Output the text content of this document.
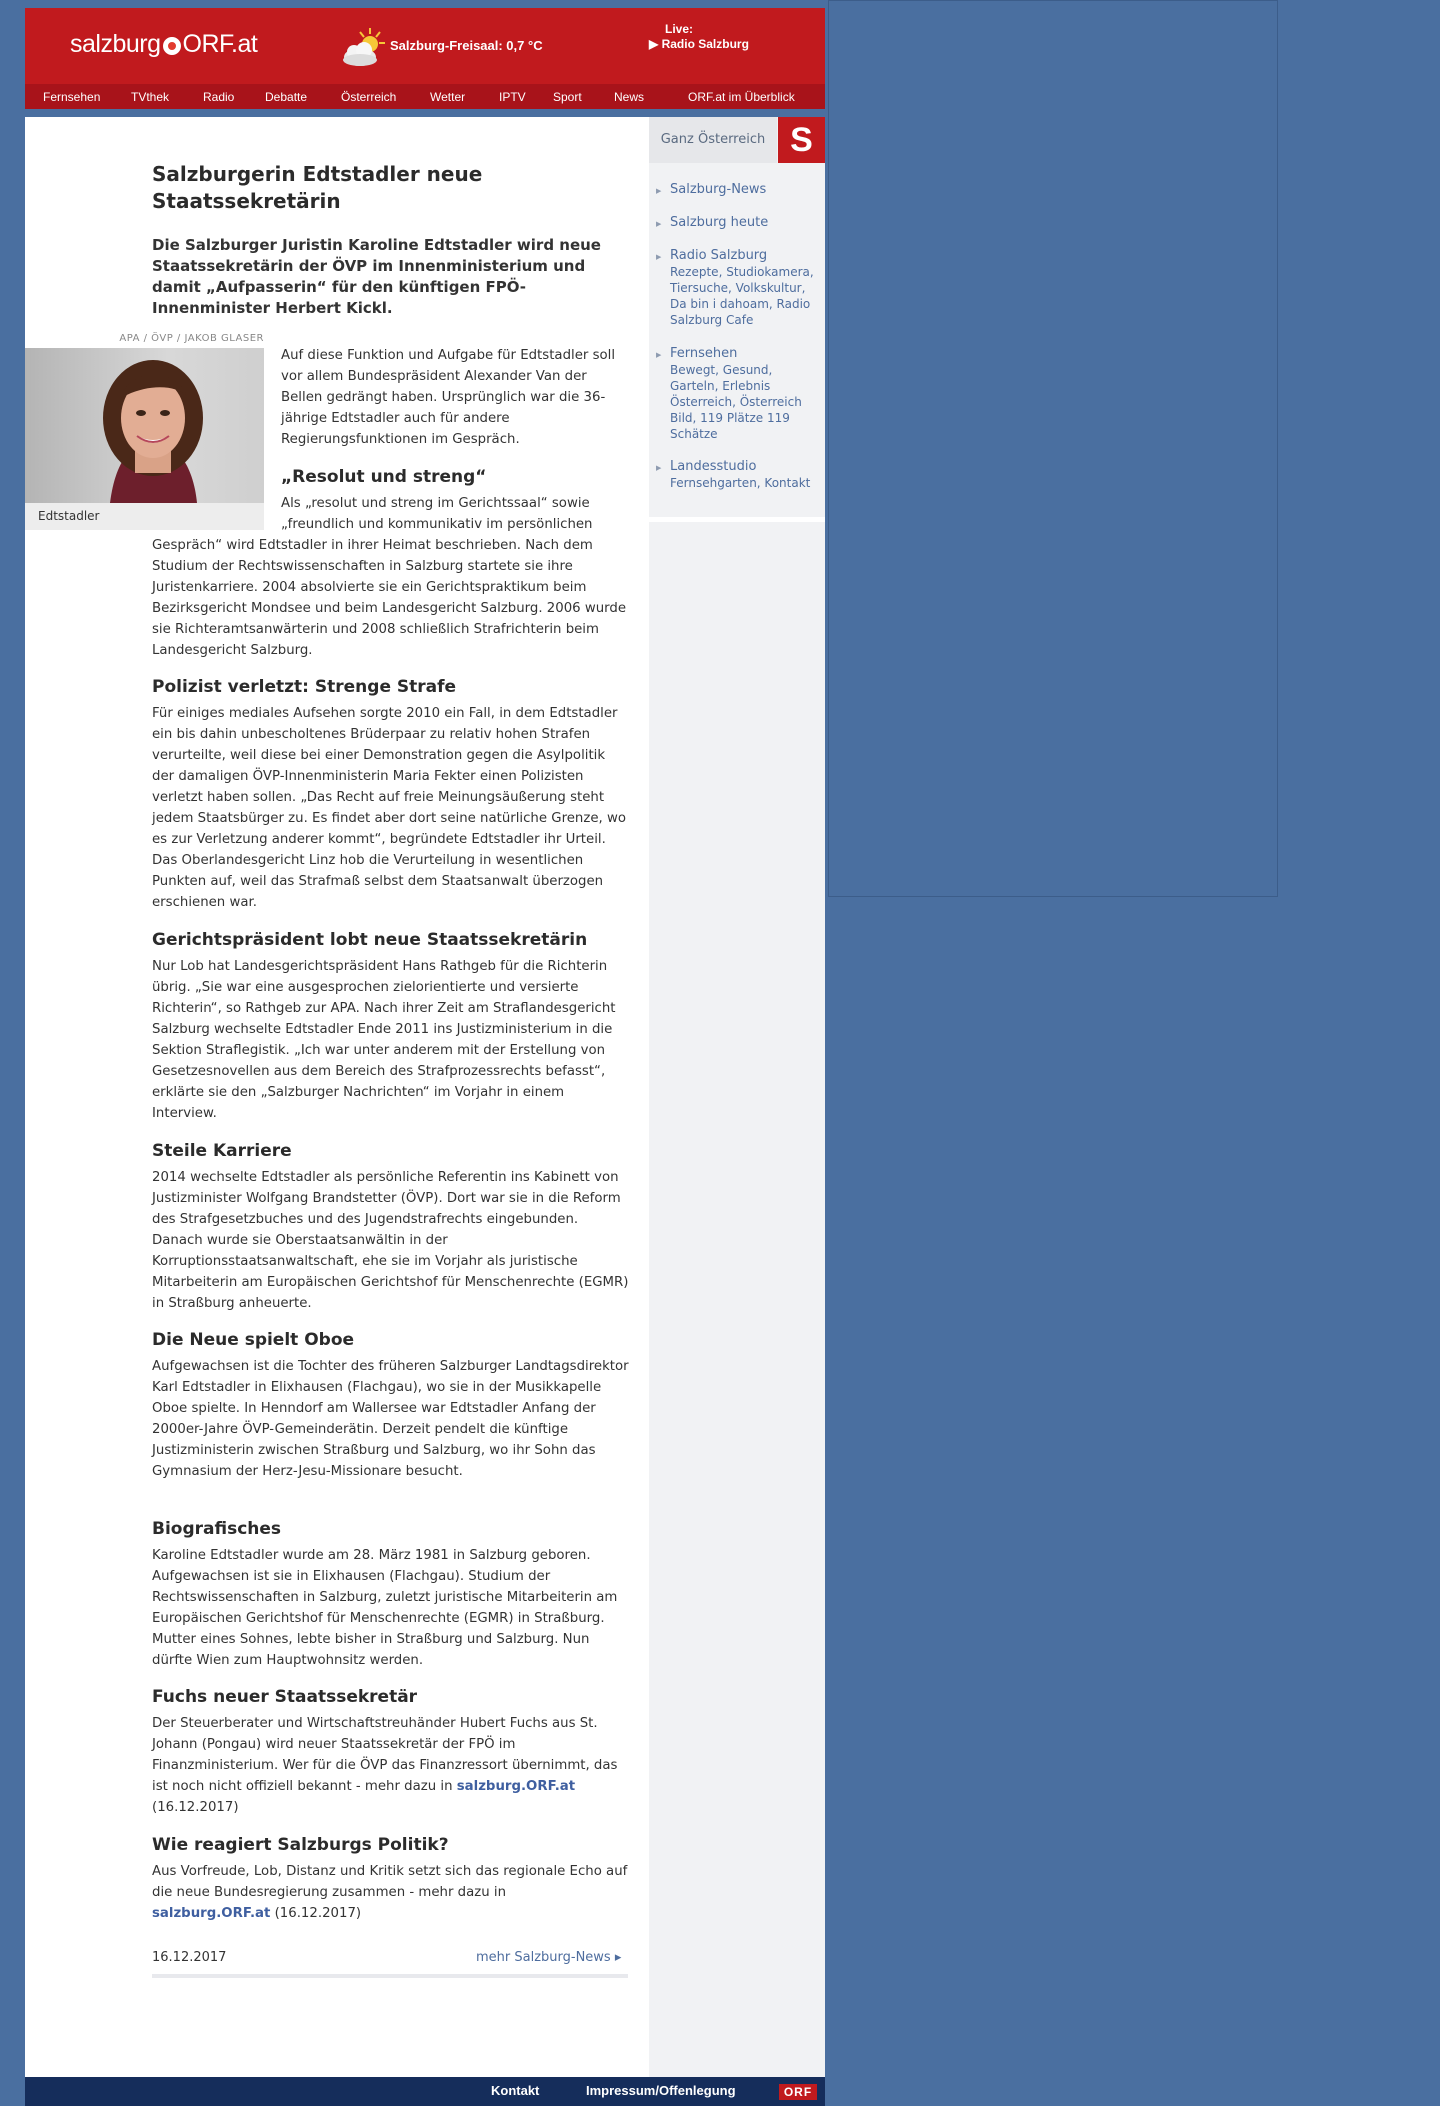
salzburg ORF.at	Salzburg-Freisaal: 0,7 °C
Live:
▶ Radio Salzburg
Fernsehen	TVthek	Radio	Debatte	Österreich	Wetter	IPTV Sport	News	ORF.at im Überblick
Salzburgerin Edtstadler neue Staatssekretärin
Die Salzburger Juristin Karoline Edtstadler wird neue Staatssekretärin der ÖVP im Innenministerium und damit „Aufpasserin“ für den künftigen FPÖ-Innenminister Herbert Kickl.
APA / ÖVP / JAKOB GLASER
Edtstadler
Auf diese Funktion und Aufgabe für Edtstadler soll vor allem Bundespräsident Alexander Van der Bellen gedrängt haben. Ursprünglich war die 36-jährige Edtstadler auch für andere Regierungsfunktionen im Gespräch.
„Resolut und streng“
Als „resolut und streng im Gerichtssaal“ sowie „freundlich und kommunikativ im persönlichen
Gespräch“ wird Edtstadler in ihrer Heimat beschrieben. Nach dem Studium der Rechtswissenschaften in Salzburg startete sie ihre Juristenkarriere. 2004 absolvierte sie ein Gerichtspraktikum beim Bezirksgericht Mondsee und beim Landesgericht Salzburg. 2006 wurde sie Richteramtsanwärterin und 2008 schließlich Strafrichterin beim Landesgericht Salzburg.
Polizist verletzt: Strenge Strafe
Für einiges mediales Aufsehen sorgte 2010 ein Fall, in dem Edtstadler ein bis dahin unbescholtenes Brüderpaar zu relativ hohen Strafen verurteilte, weil diese bei einer Demonstration gegen die Asylpolitik der damaligen ÖVP-Innenministerin Maria Fekter einen Polizisten verletzt haben sollen. „Das Recht auf freie Meinungsäußerung steht jedem Staatsbürger zu. Es findet aber dort seine natürliche Grenze, wo es zur Verletzung anderer kommt“, begründete Edtstadler ihr Urteil. Das Oberlandesgericht Linz hob die Verurteilung in wesentlichen Punkten auf, weil das Strafmaß selbst dem Staatsanwalt überzogen erschienen war.
Gerichtspräsident lobt neue Staatssekretärin
Nur Lob hat Landesgerichtspräsident Hans Rathgeb für die Richterin übrig. „Sie war eine ausgesprochen zielorientierte und versierte Richterin“, so Rathgeb zur APA. Nach ihrer Zeit am Straflandesgericht Salzburg wechselte Edtstadler Ende 2011 ins Justizministerium in die Sektion Straflegistik. „Ich war unter anderem mit der Erstellung von Gesetzesnovellen aus dem Bereich des Strafprozessrechts befasst“, erklärte sie den „Salzburger Nachrichten“ im Vorjahr in einem Interview.
Steile Karriere
2014 wechselte Edtstadler als persönliche Referentin ins Kabinett von Justizminister Wolfgang Brandstetter (ÖVP). Dort war sie in die Reform des Strafgesetzbuches und des Jugendstrafrechts eingebunden. Danach wurde sie Oberstaatsanwältin in der Korruptionsstaatsanwaltschaft, ehe sie im Vorjahr als juristische Mitarbeiterin am Europäischen Gerichtshof für Menschenrechte (EGMR) in Straßburg anheuerte.
Die Neue spielt Oboe
Aufgewachsen ist die Tochter des früheren Salzburger Landtagsdirektor Karl Edtstadler in Elixhausen (Flachgau), wo sie in der Musikkapelle Oboe spielte. In Henndorf am Wallersee war Edtstadler Anfang der 2000er-Jahre ÖVP-Gemeinderätin. Derzeit pendelt die künftige Justizministerin zwischen Straßburg und Salzburg, wo ihr Sohn das Gymnasium der Herz-Jesu-Missionare besucht.
Biografisches
Karoline Edtstadler wurde am 28. März 1981 in Salzburg geboren. Aufgewachsen ist sie in Elixhausen (Flachgau). Studium der Rechtswissenschaften in Salzburg, zuletzt juristische Mitarbeiterin am Europäischen Gerichtshof für Menschenrechte (EGMR) in Straßburg. Mutter eines Sohnes, lebte bisher in Straßburg und Salzburg. Nun dürfte Wien zum Hauptwohnsitz werden.
Fuchs neuer Staatssekretär
Der Steuerberater und Wirtschaftstreuhänder Hubert Fuchs aus St. Johann (Pongau) wird neuer Staatssekretär der FPÖ im Finanzministerium. Wer für die ÖVP das Finanzressort übernimmt, das ist noch nicht offiziell bekannt - mehr dazu in salzburg.ORF.at
(16.12.2017)
Wie reagiert Salzburgs Politik?
Aus Vorfreude, Lob, Distanz und Kritik setzt sich das regionale Echo auf die neue Bundesregierung zusammen - mehr dazu in
salzburg.ORF.at (16.12.2017)
16.12.2017	mehr Salzburg-News ▸
Ganz Österreich S
▶ Salzburg-News
▶ Salzburg heute
▶ Radio Salzburg
Rezepte, Studiokamera, Tiersuche, Volkskultur, Da bin i dahoam, Radio Salzburg Cafe
▶ Fernsehen
Bewegt, Gesund, Garteln, Erlebnis Österreich, Österreich Bild, 119 Plätze 119 Schätze
▶ Landesstudio
Fernsehgarten, Kontakt
Kontakt	Impressum/Offenlegung	ORF
